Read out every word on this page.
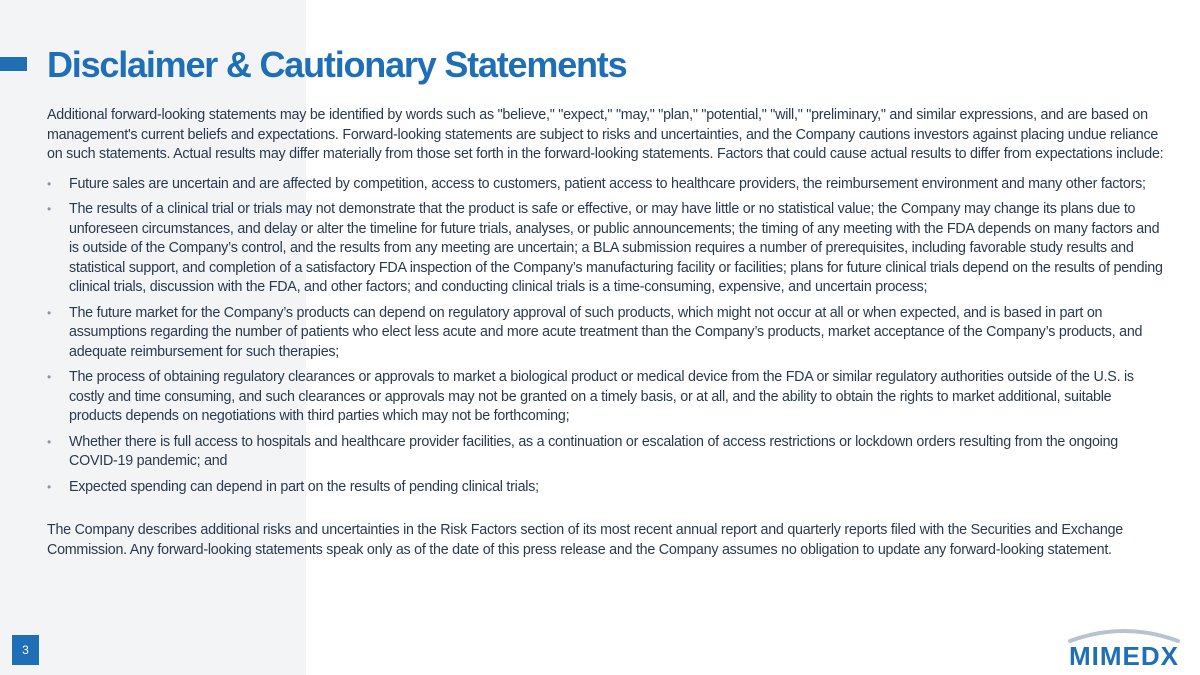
Disclaimer & Cautionary Statements

Additional forward-looking statements may be identified by words such as "believe," "expect," "may," "plan," "potential," "will," "preliminary," and similar expressions, and are based on management's current beliefs and expectations. Forward-looking statements are subject to risks and uncertainties, and the Company cautions investors against placing undue reliance on such statements. Actual results may differ materially from those set forth in the forward-looking statements. Factors that could cause actual results to differ from expectations include:

• Future sales are uncertain and are affected by competition, access to customers, patient access to healthcare providers, the reimbursement environment and many other factors;
• The results of a clinical trial or trials may not demonstrate that the product is safe or effective, or may have little or no statistical value; the Company may change its plans due to unforeseen circumstances, and delay or alter the timeline for future trials, analyses, or public announcements; the timing of any meeting with the FDA depends on many factors and is outside of the Company’s control, and the results from any meeting are uncertain; a BLA submission requires a number of prerequisites, including favorable study results and statistical support, and completion of a satisfactory FDA inspection of the Company’s manufacturing facility or facilities; plans for future clinical trials depend on the results of pending clinical trials, discussion with the FDA, and other factors; and conducting clinical trials is a time-consuming, expensive, and uncertain process;
• The future market for the Company’s products can depend on regulatory approval of such products, which might not occur at all or when expected, and is based in part on assumptions regarding the number of patients who elect less acute and more acute treatment than the Company’s products, market acceptance of the Company’s products, and adequate reimbursement for such therapies;
• The process of obtaining regulatory clearances or approvals to market a biological product or medical device from the FDA or similar regulatory authorities outside of the U.S. is costly and time consuming, and such clearances or approvals may not be granted on a timely basis, or at all, and the ability to obtain the rights to market additional, suitable products depends on negotiations with third parties which may not be forthcoming;
• Whether there is full access to hospitals and healthcare provider facilities, as a continuation or escalation of access restrictions or lockdown orders resulting from the ongoing COVID-19 pandemic; and
• Expected spending can depend in part on the results of pending clinical trials;

The Company describes additional risks and uncertainties in the Risk Factors section of its most recent annual report and quarterly reports filed with the Securities and Exchange Commission. Any forward-looking statements speak only as of the date of this press release and the Company assumes no obligation to update any forward-looking statement.

3	MIMEDX
